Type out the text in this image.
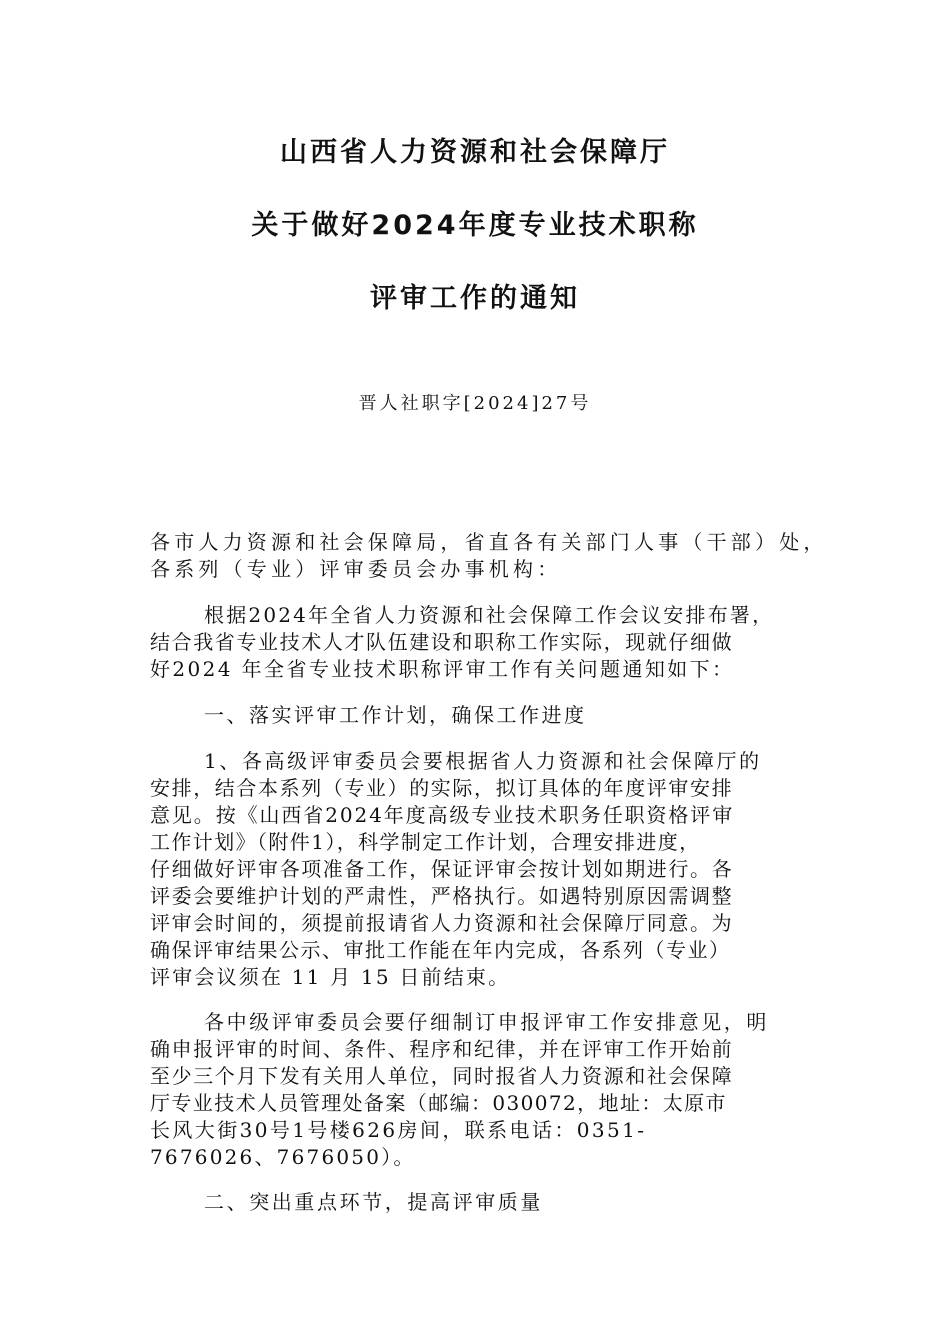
山西省人力资源和社会保障厅
关于做好2024年度专业技术职称
评审工作的通知
晋人社职字[2024]27号
各市人力资源和社会保障局，省直各有关部门人事（干部）处，
各系列（专业）评审委员会办事机构：
根据2024年全省人力资源和社会保障工作会议安排布署，
结合我省专业技术人才队伍建设和职称工作实际，现就仔细做
好2024 年全省专业技术职称评审工作有关问题通知如下：
一、落实评审工作计划，确保工作进度
1、各高级评审委员会要根据省人力资源和社会保障厅的
安排，结合本系列（专业）的实际，拟订具体的年度评审安排
意见。按《山西省2024年度高级专业技术职务任职资格评审
工作计划》（附件1），科学制定工作计划，合理安排进度，
仔细做好评审各项准备工作，保证评审会按计划如期进行。各
评委会要维护计划的严肃性，严格执行。如遇特别原因需调整
评审会时间的，须提前报请省人力资源和社会保障厅同意。为
确保评审结果公示、审批工作能在年内完成，各系列（专业）
评审会议须在 11 月 15 日前结束。
各中级评审委员会要仔细制订申报评审工作安排意见，明
确申报评审的时间、条件、程序和纪律，并在评审工作开始前
至少三个月下发有关用人单位，同时报省人力资源和社会保障
厅专业技术人员管理处备案（邮编：030072，地址：太原市
长风大街30号1号楼626房间，联系电话：0351-
7676026、7676050）。
二、突出重点环节，提高评审质量
